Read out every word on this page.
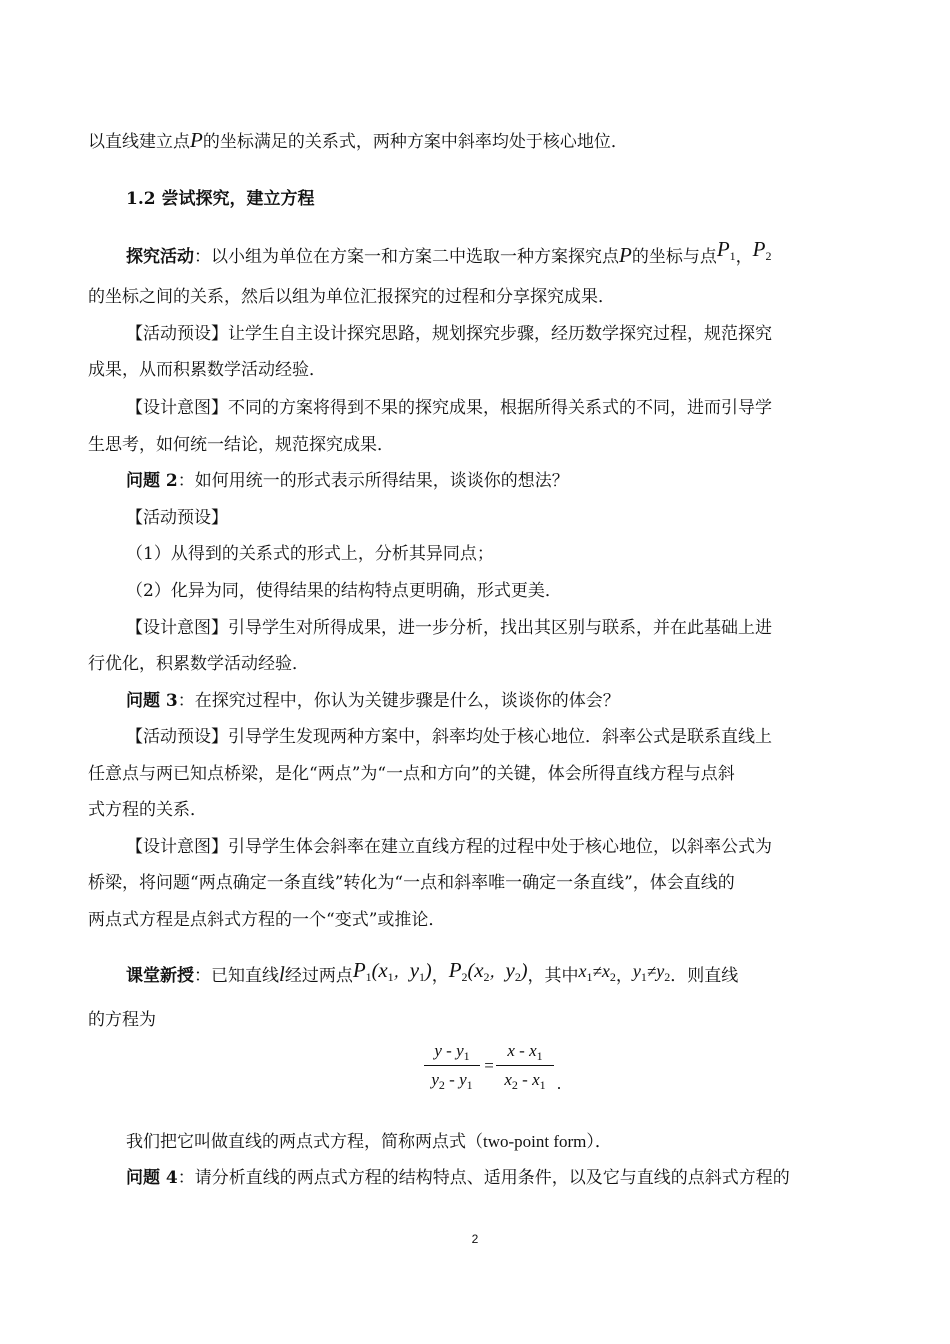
以直线建立点P的坐标满足的关系式，两种方案中斜率均处于核心地位．
1.2 尝试探究，建立方程
探究活动：以小组为单位在方案一和方案二中选取一种方案探究点P的坐标与点$P_1$，$P_2$
的坐标之间的关系，然后以组为单位汇报探究的过程和分享探究成果．
【活动预设】让学生自主设计探究思路，规划探究步骤，经历数学探究过程，规范探究
成果，从而积累数学活动经验．
【设计意图】不同的方案将得到不果的探究成果，根据所得关系式的不同，进而引导学
生思考，如何统一结论，规范探究成果．
问题 2：如何用统一的形式表示所得结果，谈谈你的想法？
【活动预设】
（1）从得到的关系式的形式上，分析其异同点；
（2）化异为同，使得结果的结构特点更明确，形式更美．
【设计意图】引导学生对所得成果，进一步分析，找出其区别与联系，并在此基础上进
行优化，积累数学活动经验．
问题 3：在探究过程中，你认为关键步骤是什么，谈谈你的体会？
【活动预设】引导学生发现两种方案中，斜率均处于核心地位．斜率公式是联系直线上
任意点与两已知点桥梁，是化“两点”为“一点和方向”的关键，体会所得直线方程与点斜
式方程的关系．
【设计意图】引导学生体会斜率在建立直线方程的过程中处于核心地位，以斜率公式为
桥梁，将问题“两点确定一条直线”转化为“一点和斜率唯一确定一条直线”，体会直线的
两点式方程是点斜式方程的一个“变式”或推论．
课堂新授：已知直线l经过两点$P_1(x_1$，$y_1$)，$P_2(x_2$，$y_2$)，其中$x_1\ne x_2$，$y_1\ne y_2$．则直线
的方程为
y - $y_1$
$y_2 - y_1$
=
x - $x_1$
$x_2 - x_1$ .
我们把它叫做直线的两点式方程，简称两点式（two-point form）．
问题 4：请分析直线的两点式方程的结构特点、适用条件，以及它与直线的点斜式方程的
2
